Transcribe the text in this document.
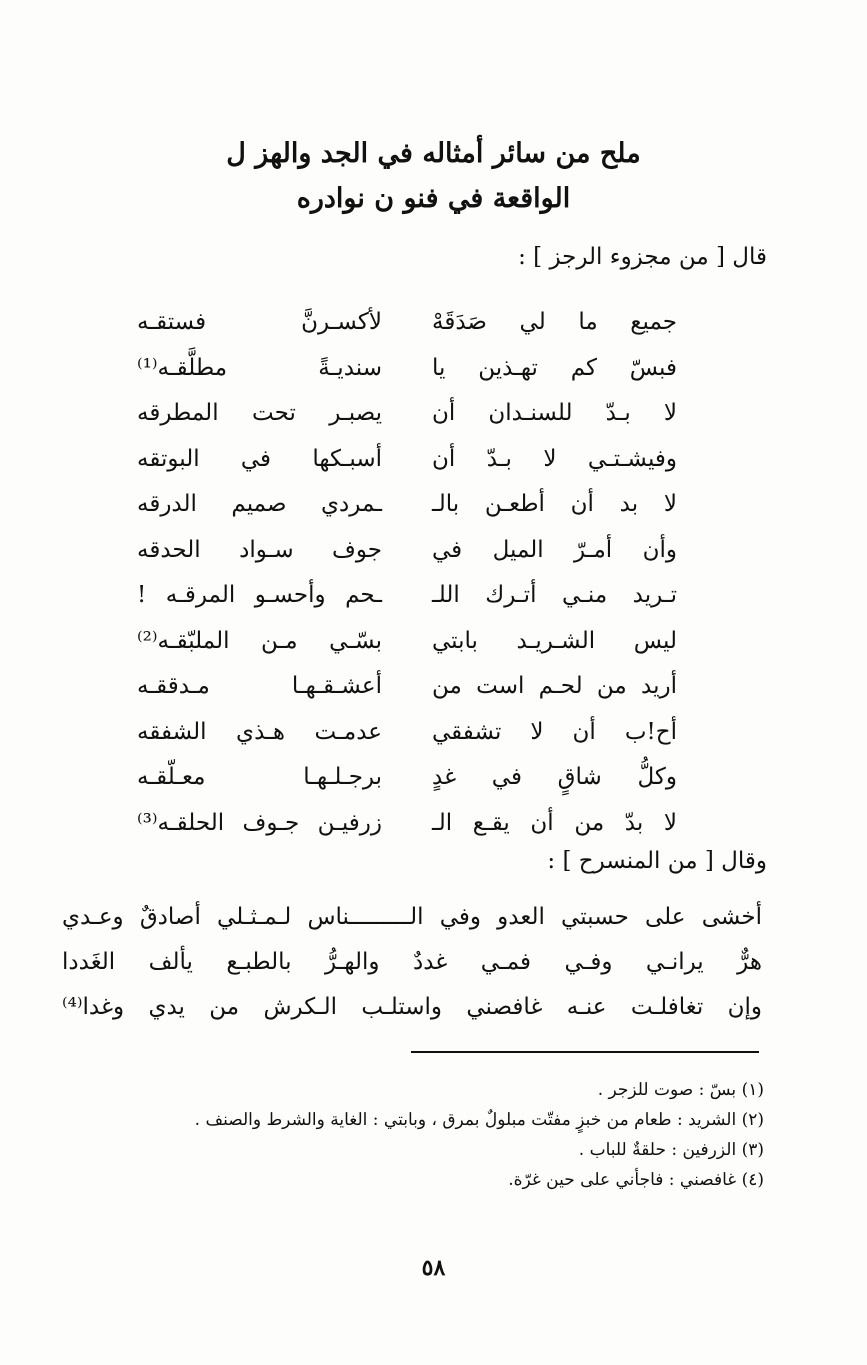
ملح من سائر أمثاله في الجد والهز ل
الواقعة في فنو ن نوادره
قال [ من مجزوء الرجز ] :
جميع ما لي صَدَقَهْ
لأكسـرنَّ فستقـه
فبسّ كم تهـذين يا
سنديـةً مطلَّقـه⁽¹⁾
لا بـدّ للسنـدان أن
يصبـر تحت المطرقه
وفيشـتـي لا بـدّ أن
أسبـكها في البوتقه
لا بد أن أطعـن بالـ
ـمردي صميم الدرقه
وأن أمـرّ الميل في
جوف سـواد الحدقه
تـريد منـي أتـرك اللـ
ـحم وأحسـو المرقـه !
ليس الشـريـد بابتي
بسّـي مـن الملبّقـه⁽²⁾
أريد من لحـم است من
أعشـقـهـا مـدققـه
أح!ب أن لا تشفقي
عدمـت هـذي الشفقه
وكلُّ شاقٍ في غدٍ
برجـلـهـا معـلّقـه
لا بدّ من أن يقـع الـ
زرفيـن جـوف الحلقـه⁽³⁾
وقال [ من المنسرح ] :
أخشى على حسبتي العدو وفي الـــــــــناس لـمـثـلي أصادقٌ وعـدي
هرٌّ يرانـي وفـي فمـي غددٌ والهـرُّ بالطبـع يألف الغَددا
وإن تغافلـت عنـه غافصني واستلـب الـكرش من يدي وغدا⁽⁴⁾
(١) بسّ : صوت للزجر .
(٢) الشريد : طعام من خبزٍ مفتّت مبلولٌ بمرق ، وبابتي : الغاية والشرط والصنف .
(٣) الزرفين : حلقةٌ للباب .
(٤) غافصني : فاجأني على حين غرّة.
٥٨
